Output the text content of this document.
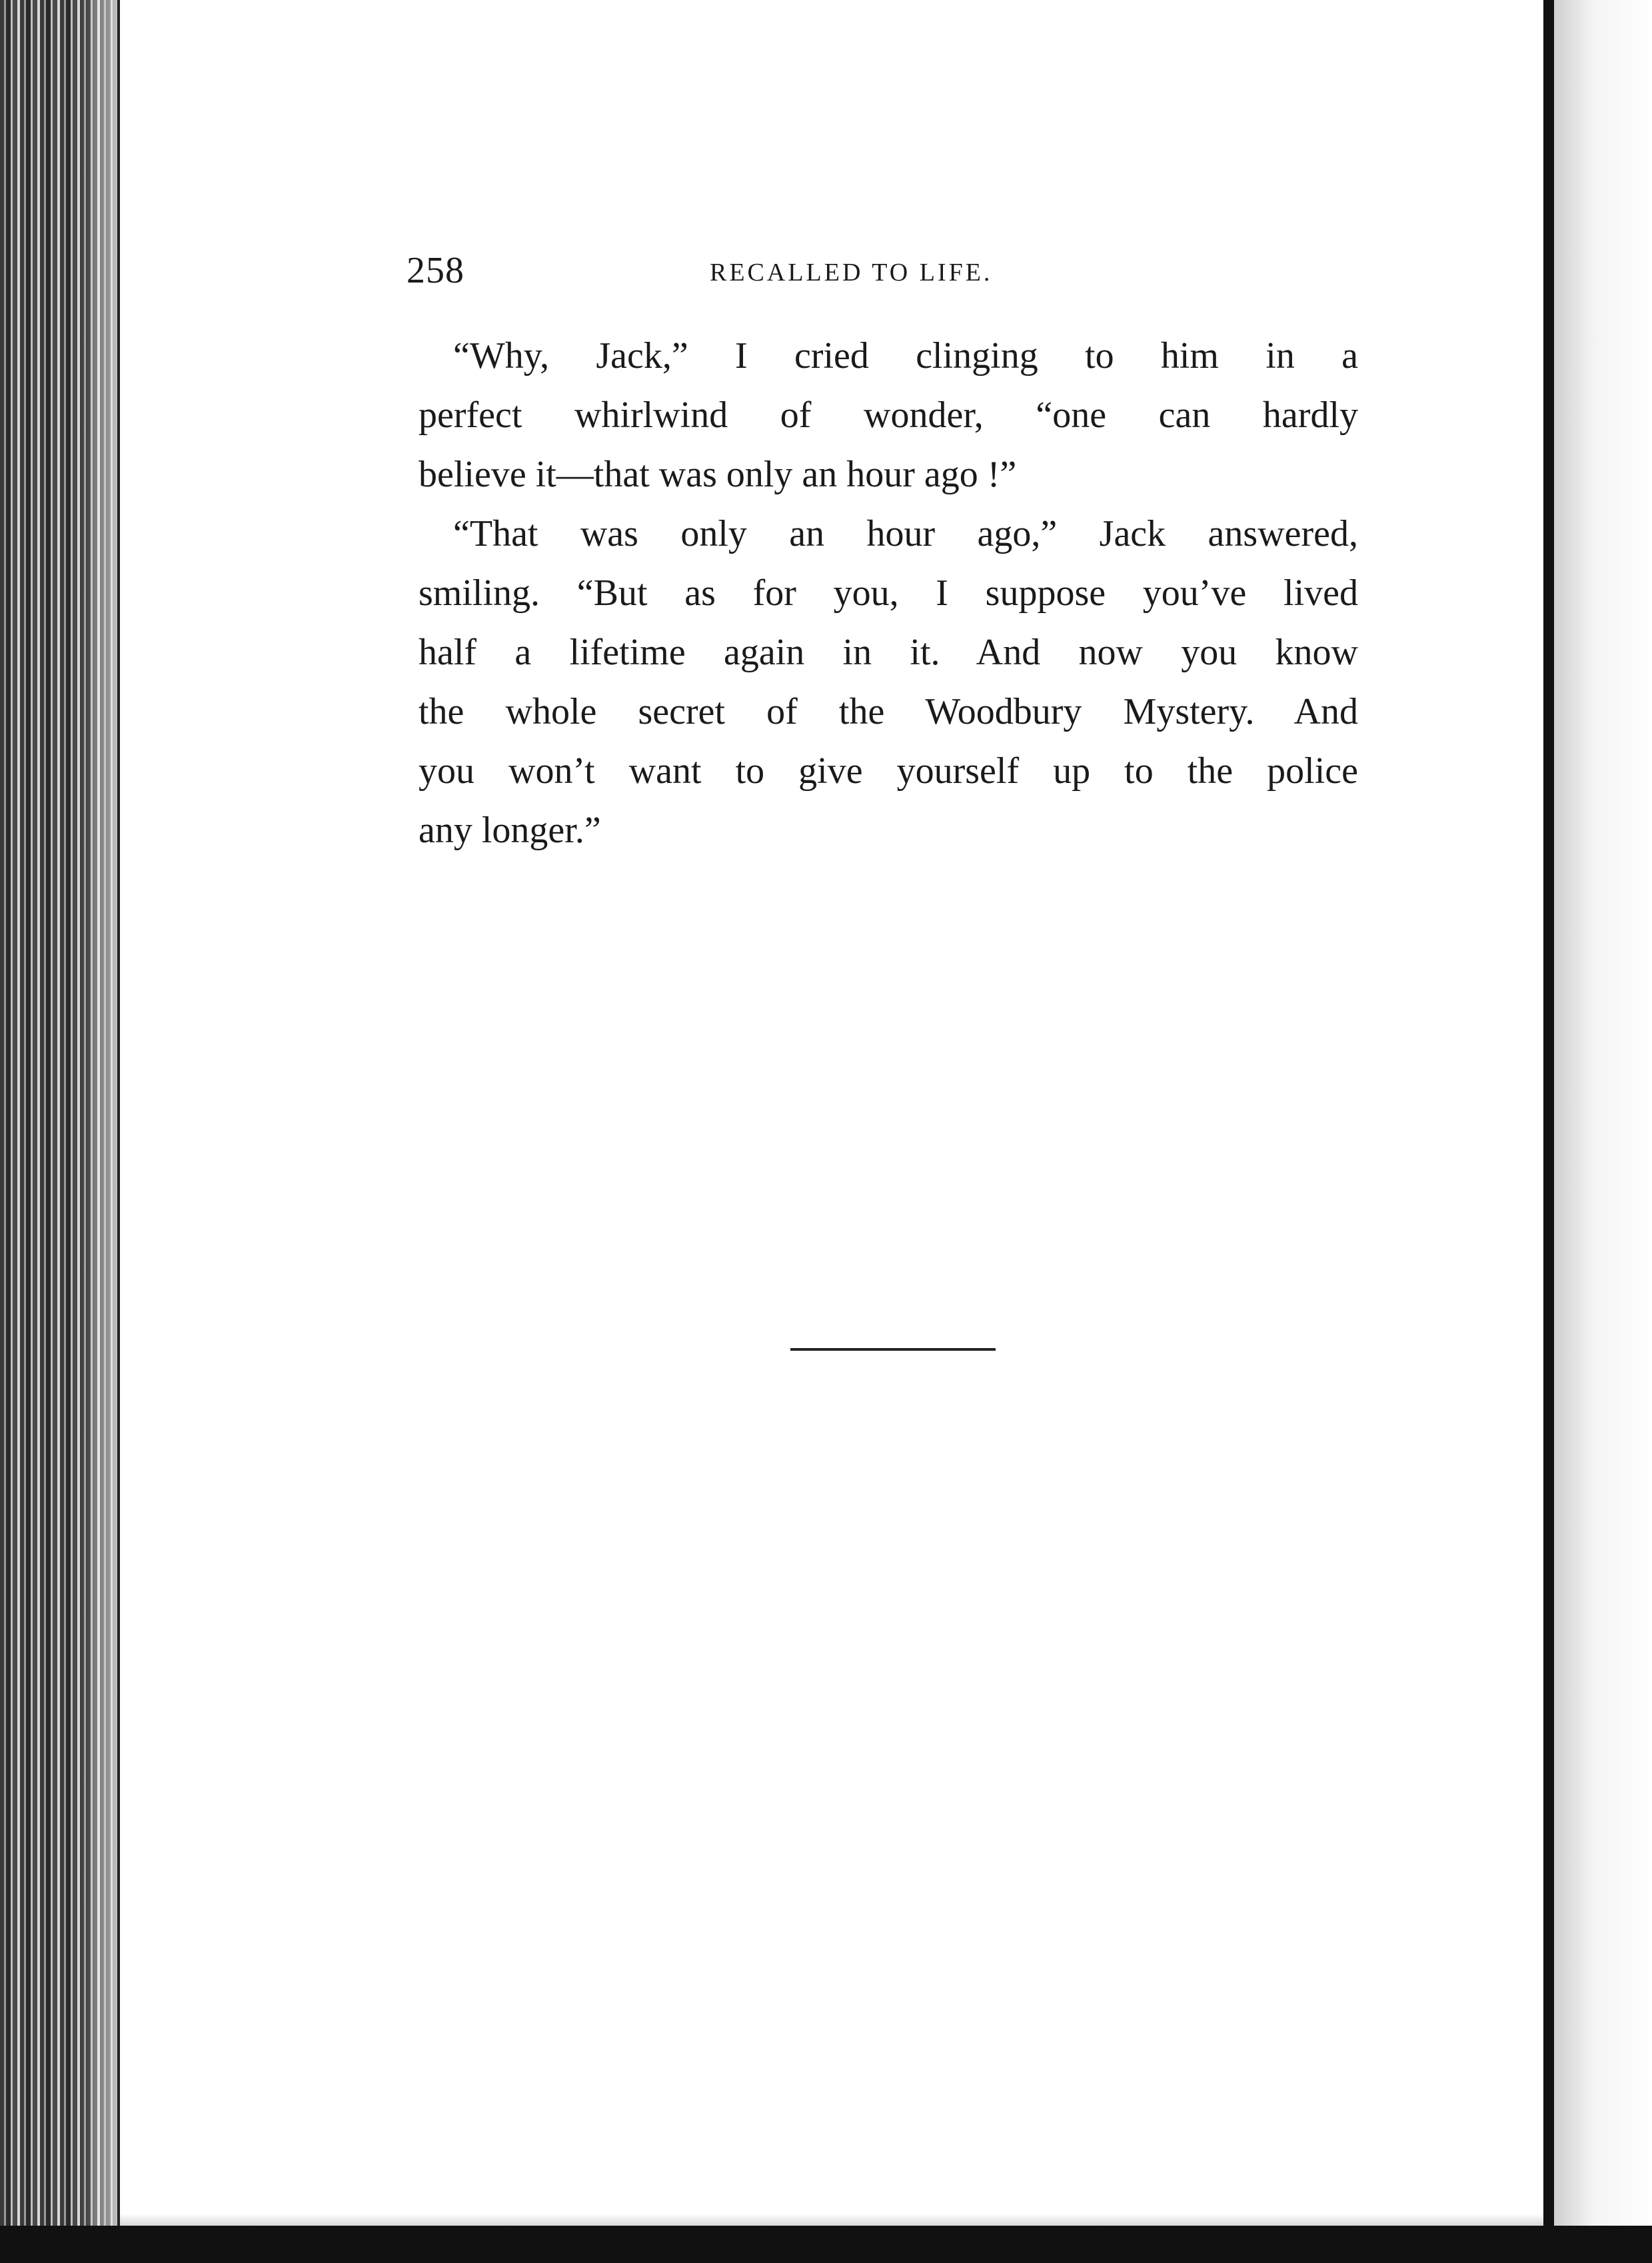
258	RECALLED TO LIFE.
“Why, Jack,” I cried clinging to him in a
perfect whirlwind of wonder, “one can hardly
believe it—that was only an hour ago !”
“That was only an hour ago,” Jack answered,
smiling. “But as for you, I suppose you’ve lived
half a lifetime again in it. And now you know
the whole secret of the Woodbury Mystery. And
you won’t want to give yourself up to the police
any longer.”
